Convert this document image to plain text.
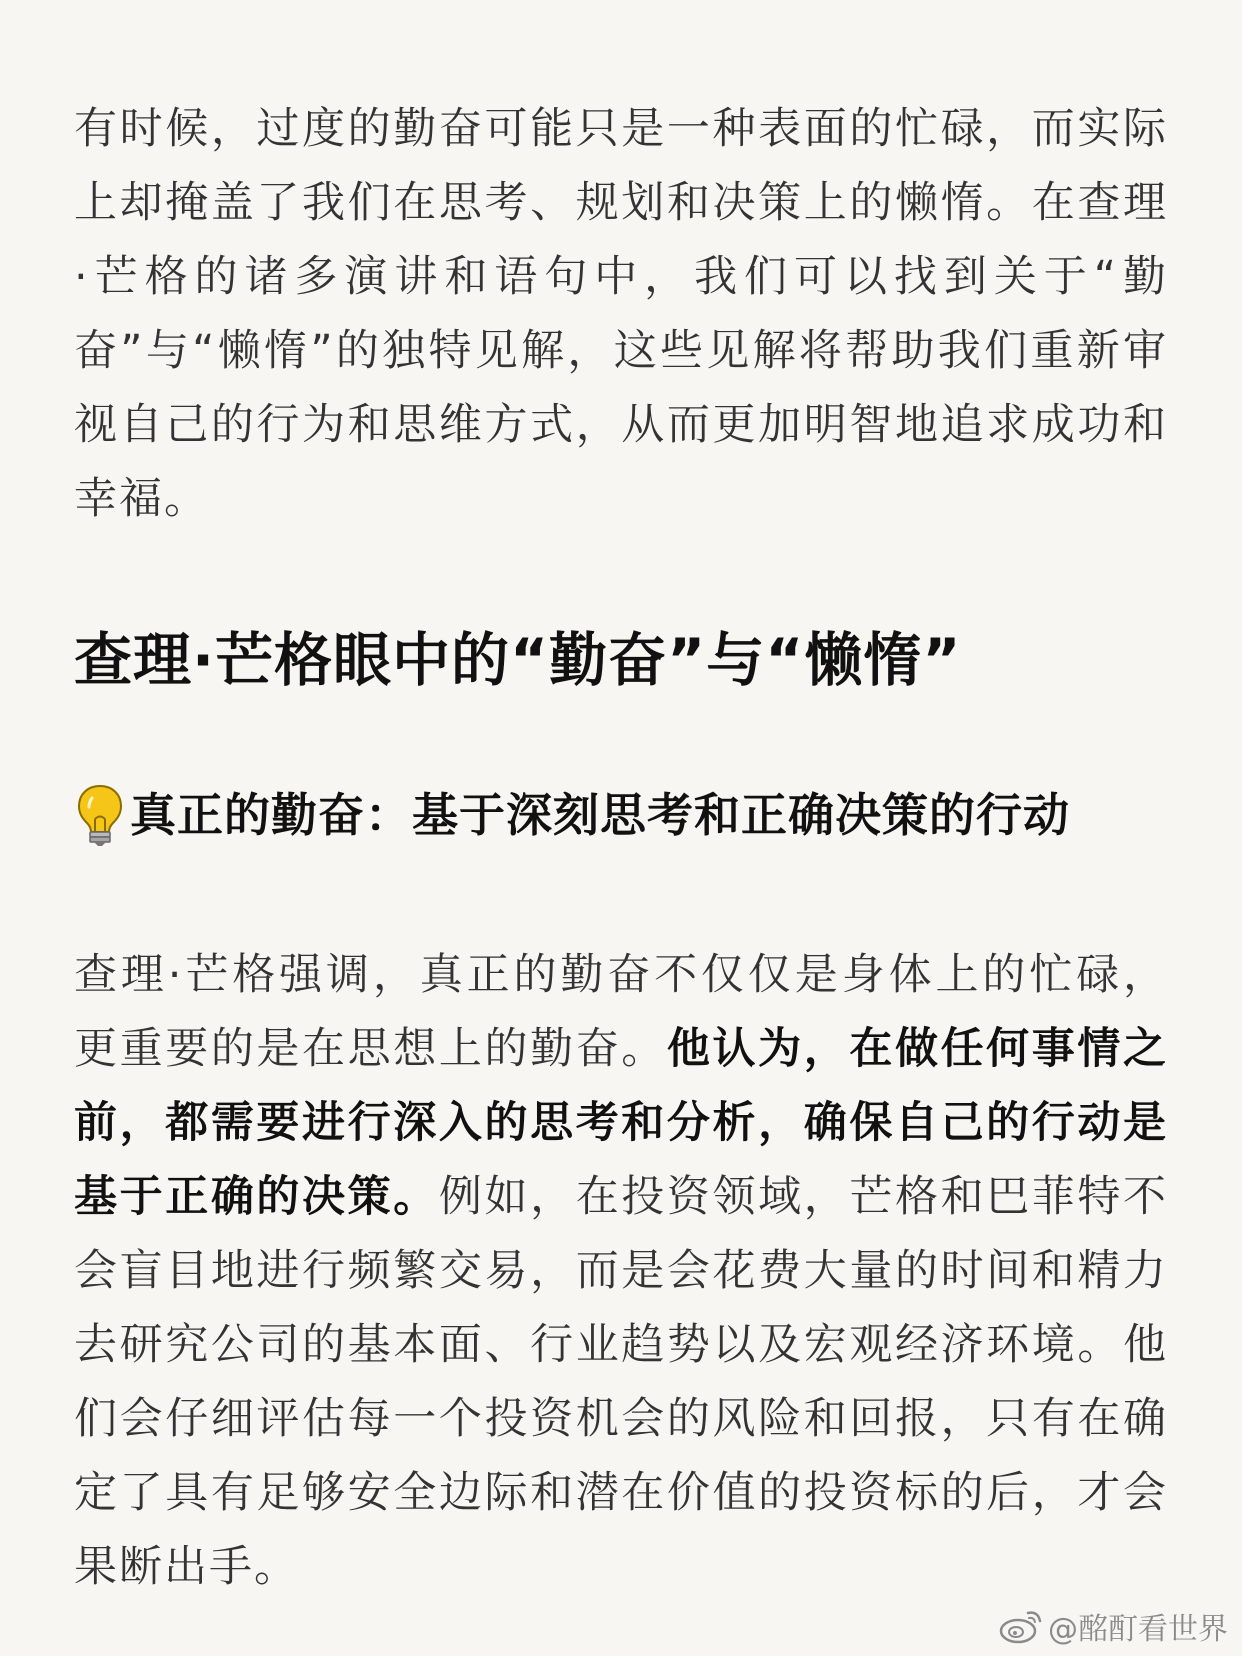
有时候，过度的勤奋可能只是一种表面的忙碌，而实际上却掩盖了我们在思考、规划和决策上的懒惰。在查理·芒格的诸多演讲和语句中，我们可以找到关于“勤奋”与“懒惰”的独特见解，这些见解将帮助我们重新审视自己的行为和思维方式，从而更加明智地追求成功和幸福。

查理·芒格眼中的“勤奋”与“懒惰”
真正的勤奋：基于深刻思考和正确决策的行动

查理·芒格强调，真正的勤奋不仅仅是身体上的忙碌，更重要的是在思想上的勤奋。他认为，在做任何事情之前，都需要进行深入的思考和分析，确保自己的行动是基于正确的决策。例如，在投资领域，芒格和巴菲特不会盲目地进行频繁交易，而是会花费大量的时间和精力去研究公司的基本面、行业趋势以及宏观经济环境。他们会仔细评估每一个投资机会的风险和回报，只有在确定了具有足够安全边际和潜在价值的投资标的后，才会果断出手。

@酩酊看世界
